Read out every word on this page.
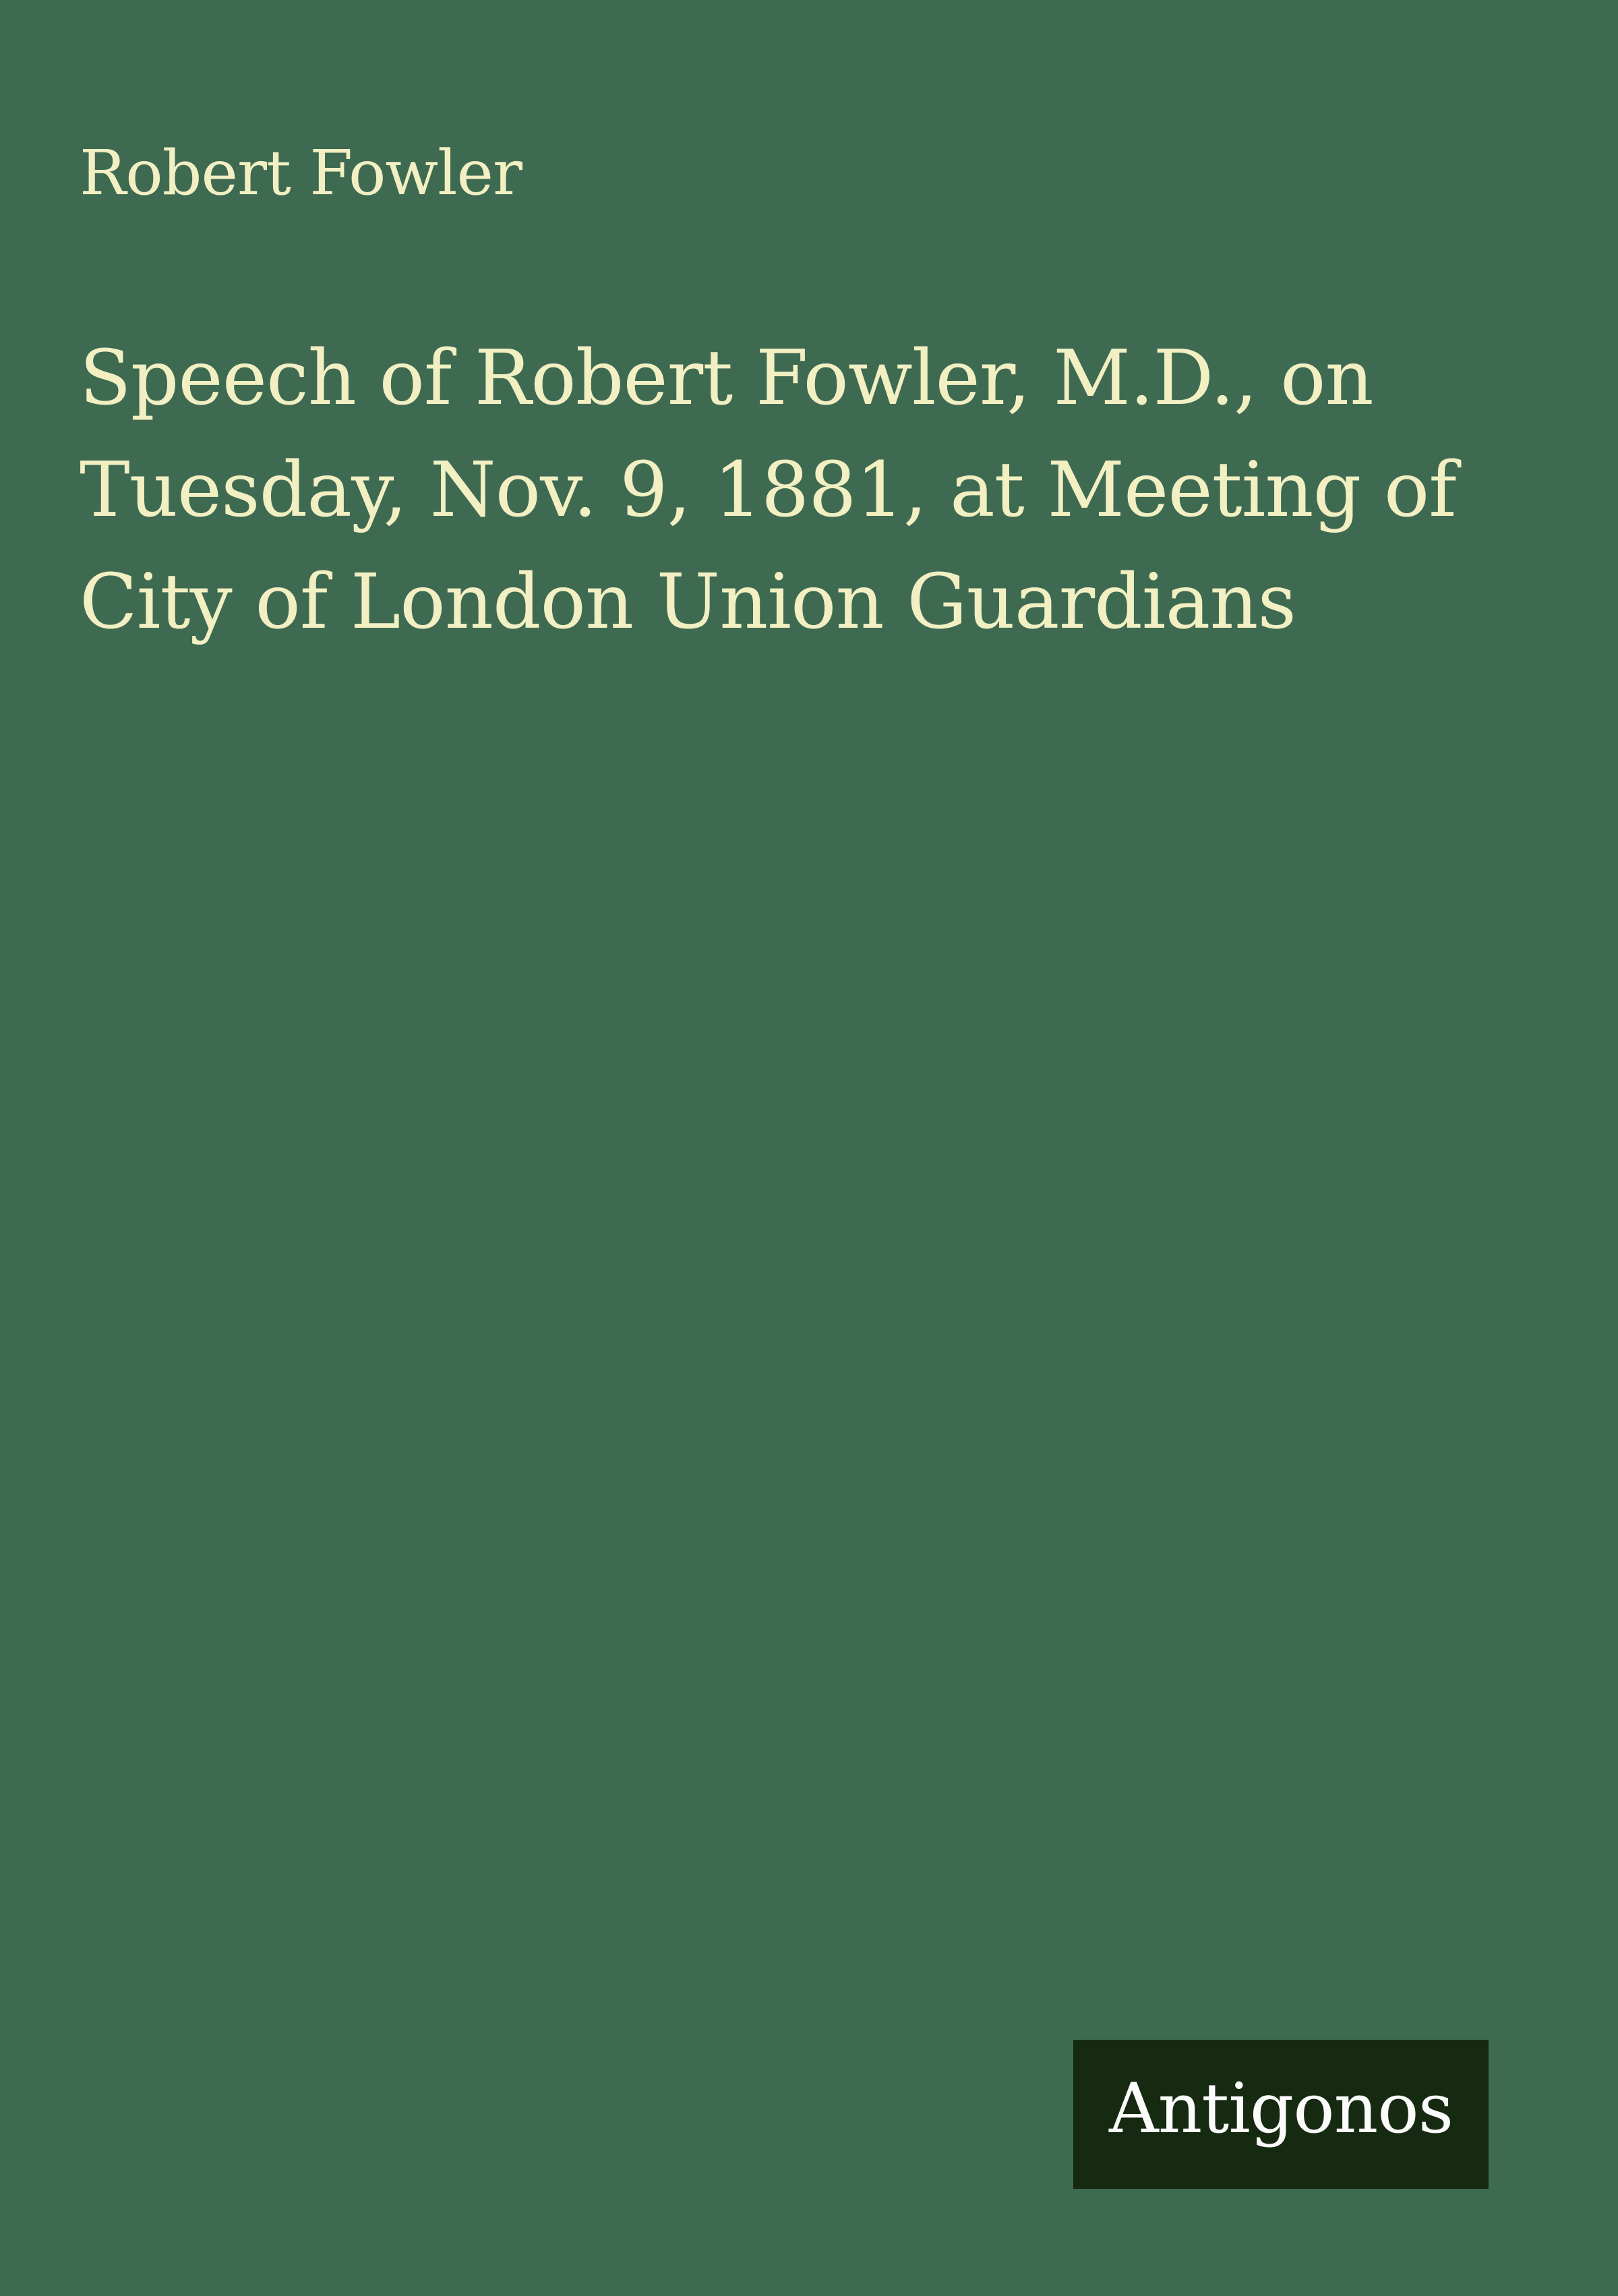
Robert Fowler
Speech of Robert Fowler, M.D., on
Tuesday, Nov. 9, 1881, at Meeting of
City of London Union Guardians
Antigonos
